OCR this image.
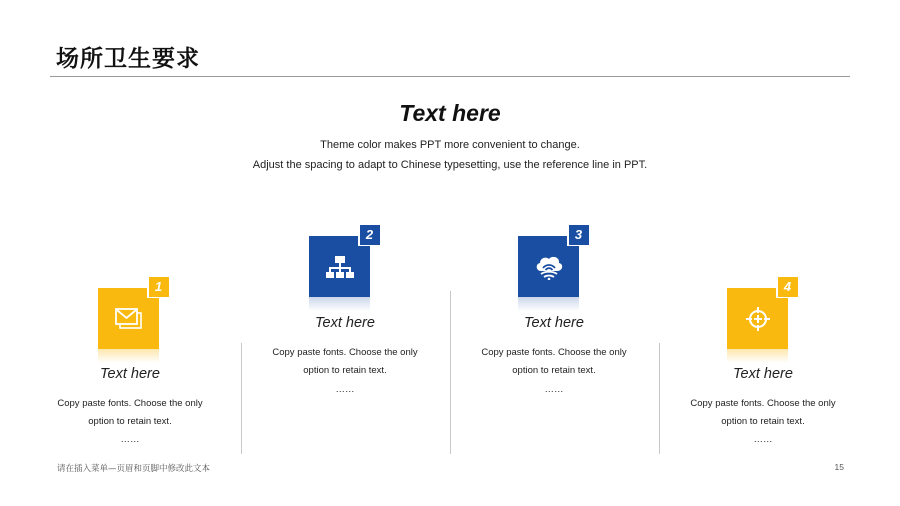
场所卫生要求
Text here
Theme color makes PPT more convenient to change.
Adjust the spacing to adapt to Chinese typesetting, use the reference line in PPT.
1
Text here
Copy paste fonts. Choose the only
option to retain text.
……
2
Text here
Copy paste fonts. Choose the only
option to retain text.
……
3
Text here
Copy paste fonts. Choose the only
option to retain text.
……
4
Text here
Copy paste fonts. Choose the only
option to retain text.
……
请在插入菜单—页眉和页脚中修改此文本	15
